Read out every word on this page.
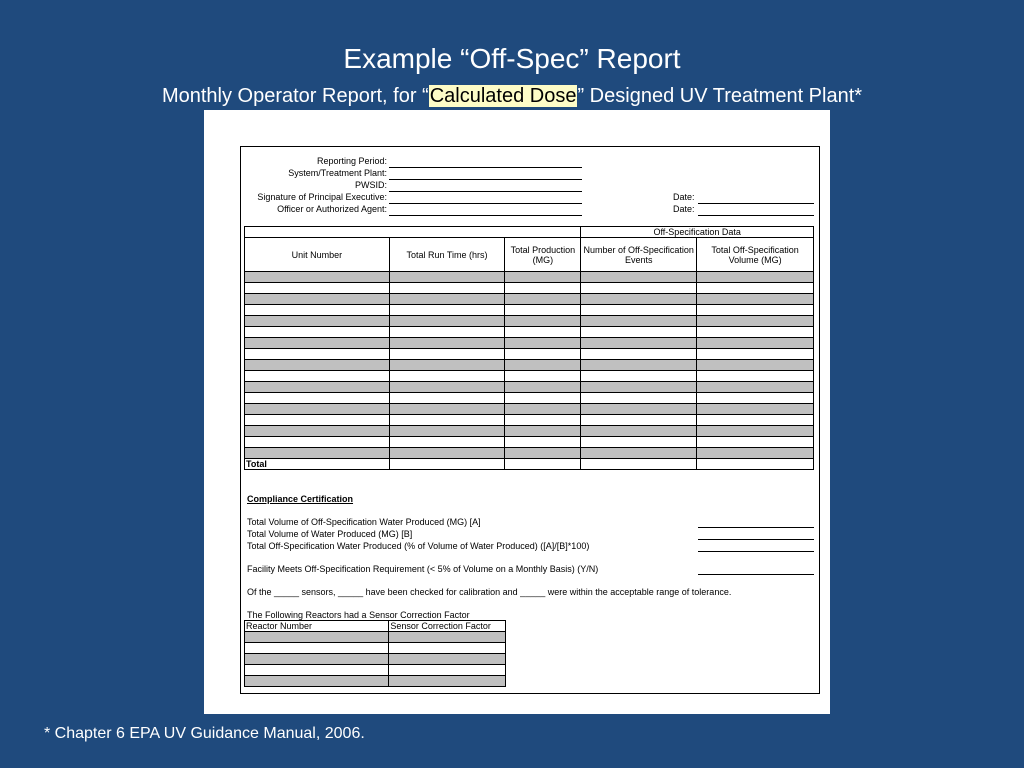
Example “Off-Spec” Report
Monthly Operator Report, for “Calculated Dose” Designed UV Treatment Plant*
Reporting Period:
System/Treatment Plant:
PWSID:
Signature of Principal Executive:
Officer or Authorized Agent:
Date:
Date:
			Off-Specification Data	
Unit Number	Total Run Time (hrs)	Total Production (MG)	Number of Off-Specification Events	Total Off-Specification Volume (MG)

Total				
Compliance Certification
Total Volume of Off-Specification Water Produced (MG) [A]
Total Volume of Water Produced (MG) [B]
Total Off-Specification Water Produced (% of Volume of Water Produced) ([A]/[B]*100)
Facility Meets Off-Specification Requirement (< 5% of Volume on a Monthly Basis) (Y/N)
Of the _____ sensors, _____ have been checked for calibration and _____ were within the acceptable range of tolerance.
The Following Reactors had a Sensor Correction Factor
Reactor Number	Sensor Correction Factor

* Chapter 6 EPA UV Guidance Manual, 2006.
